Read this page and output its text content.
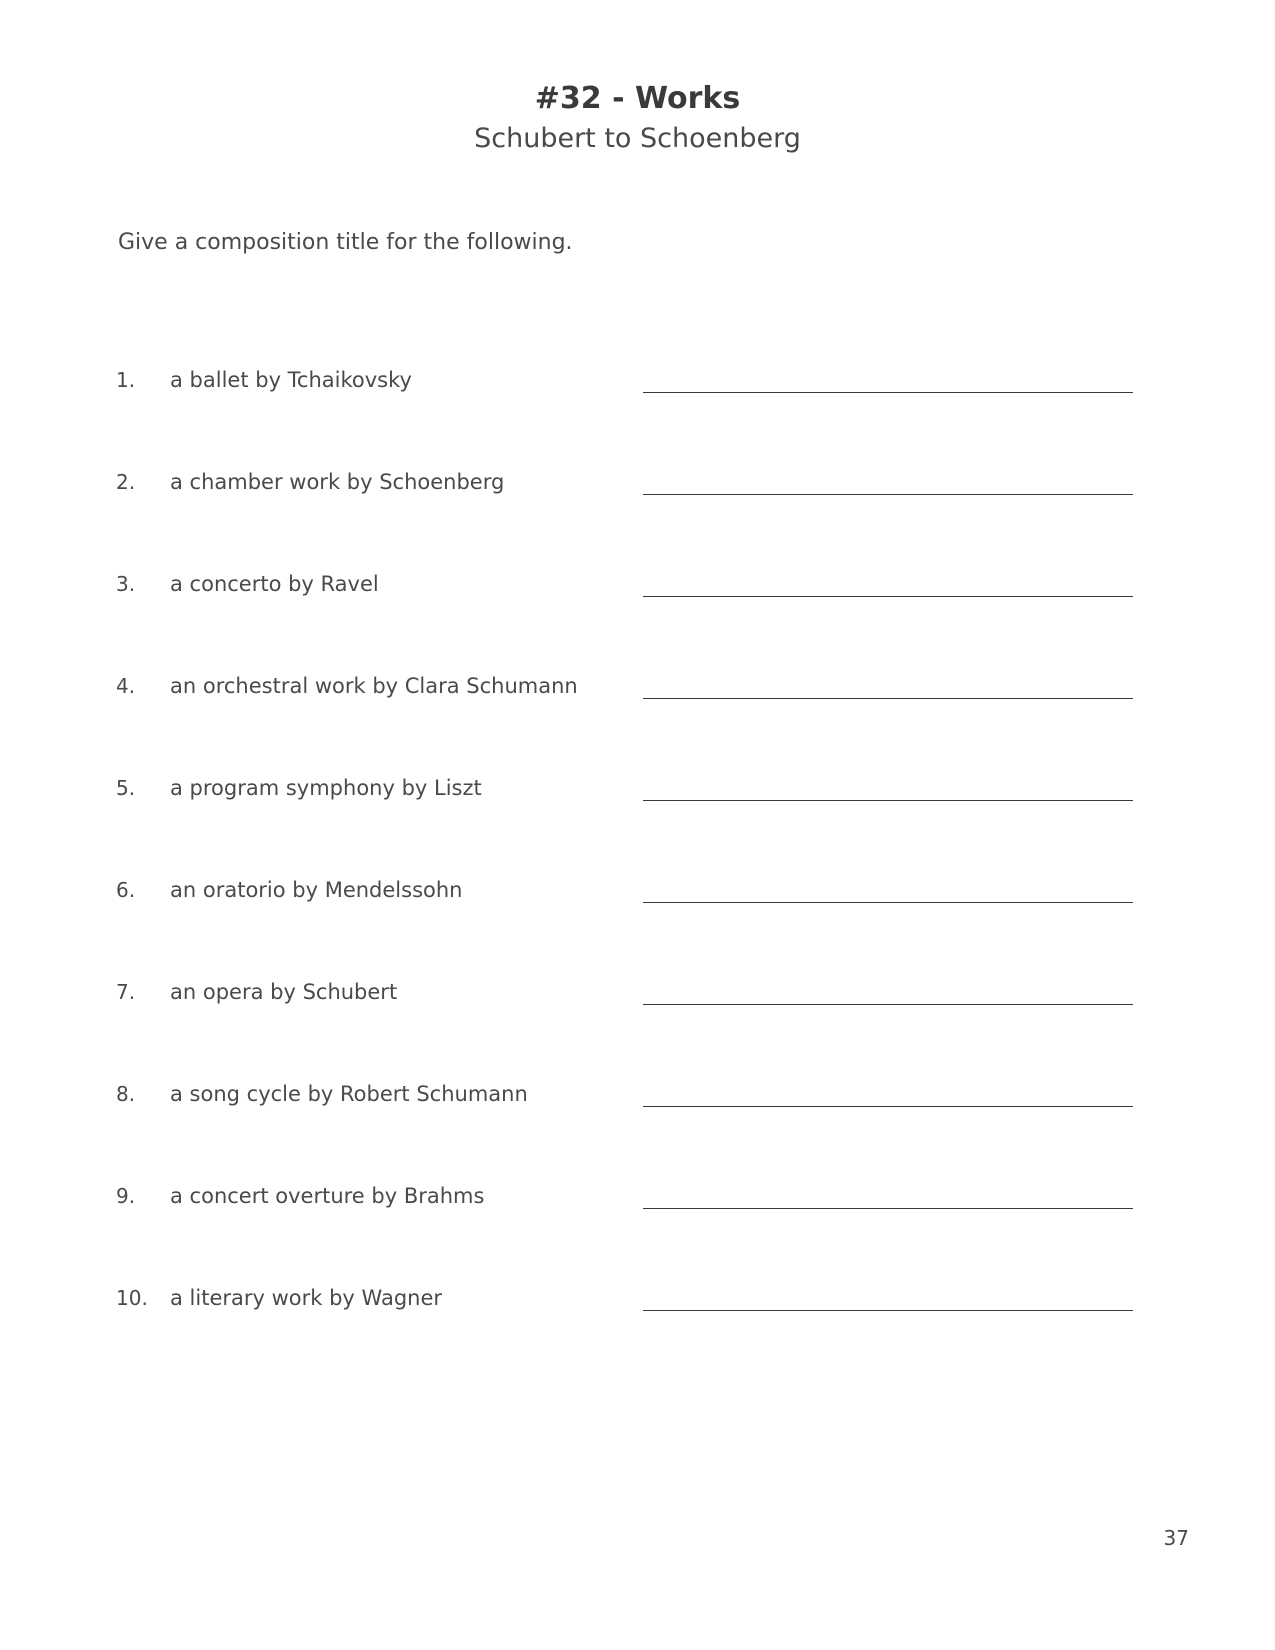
#32 - Works
Schubert to Schoenberg
Give a composition title for the following.
1. a ballet by Tchaikovsky
2. a chamber work by Schoenberg
3. a concerto by Ravel
4. an orchestral work by Clara Schumann
5. a program symphony by Liszt
6. an oratorio by Mendelssohn
7. an opera by Schubert
8. a song cycle by Robert Schumann
9. a concert overture by Brahms
10. a literary work by Wagner
37
